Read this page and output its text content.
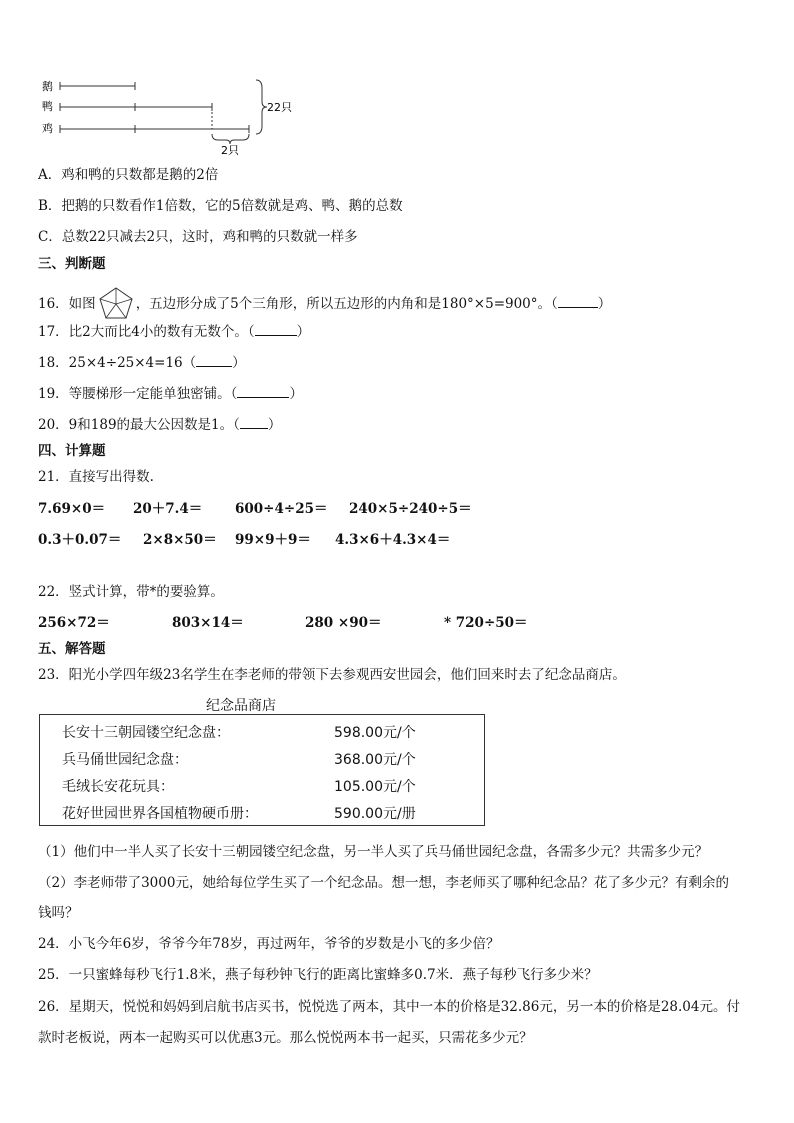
鹅
鸭
鸡
22只
2只
A．鸡和鸭的只数都是鹅的2倍
B．把鹅的只数看作1倍数，它的5倍数就是鸡、鸭、鹅的总数
C．总数22只减去2只，这时，鸡和鸭的只数就一样多
三、判断题
16．如图	，五边形分成了5个三角形，所以五边形的内角和是180°×5=900°。（	）
17．比2大而比4小的数有无数个。（	）
18．25×4÷25×4=16（	）
19．等腰梯形一定能单独密铺。（	）
20．9和189的最大公因数是1。（ ）
四、计算题
21．直接写出得数.
7.69×0＝ 20＋7.4＝ 600÷4÷25＝ 240×5÷240÷5＝
0.3＋0.07＝ 2×8×50＝ 99×9＋9＝ 4.3×6＋4.3×4＝
22．竖式计算，带*的要验算。
256×72＝	803×14＝	280 ×90＝	* 720÷50＝
五、解答题
23．阳光小学四年级23名学生在李老师的带领下去参观西安世园会，他们回来时去了纪念品商店。
纪念品商店
长安十三朝园镂空纪念盘：	598.00元/个
兵马俑世园纪念盘：	368.00元/个
毛绒长安花玩具：	105.00元/个
花好世园世界各国植物硬币册：	590.00元/册
（1）他们中一半人买了长安十三朝园镂空纪念盘，另一半人买了兵马俑世园纪念盘，各需多少元？共需多少元？
（2）李老师带了3000元，她给每位学生买了一个纪念品。想一想，李老师买了哪种纪念品？花了多少元？有剩余的
钱吗？
24．小飞今年6岁，爷爷今年78岁，再过两年，爷爷的岁数是小飞的多少倍？
25．一只蜜蜂每秒飞行1.8米，燕子每秒钟飞行的距离比蜜蜂多0.7米．燕子每秒飞行多少米？
26．星期天，悦悦和妈妈到启航书店买书，悦悦选了两本，其中一本的价格是32.86元，另一本的价格是28.04元。付
款时老板说，两本一起购买可以优惠3元。那么悦悦两本书一起买，只需花多少元？
